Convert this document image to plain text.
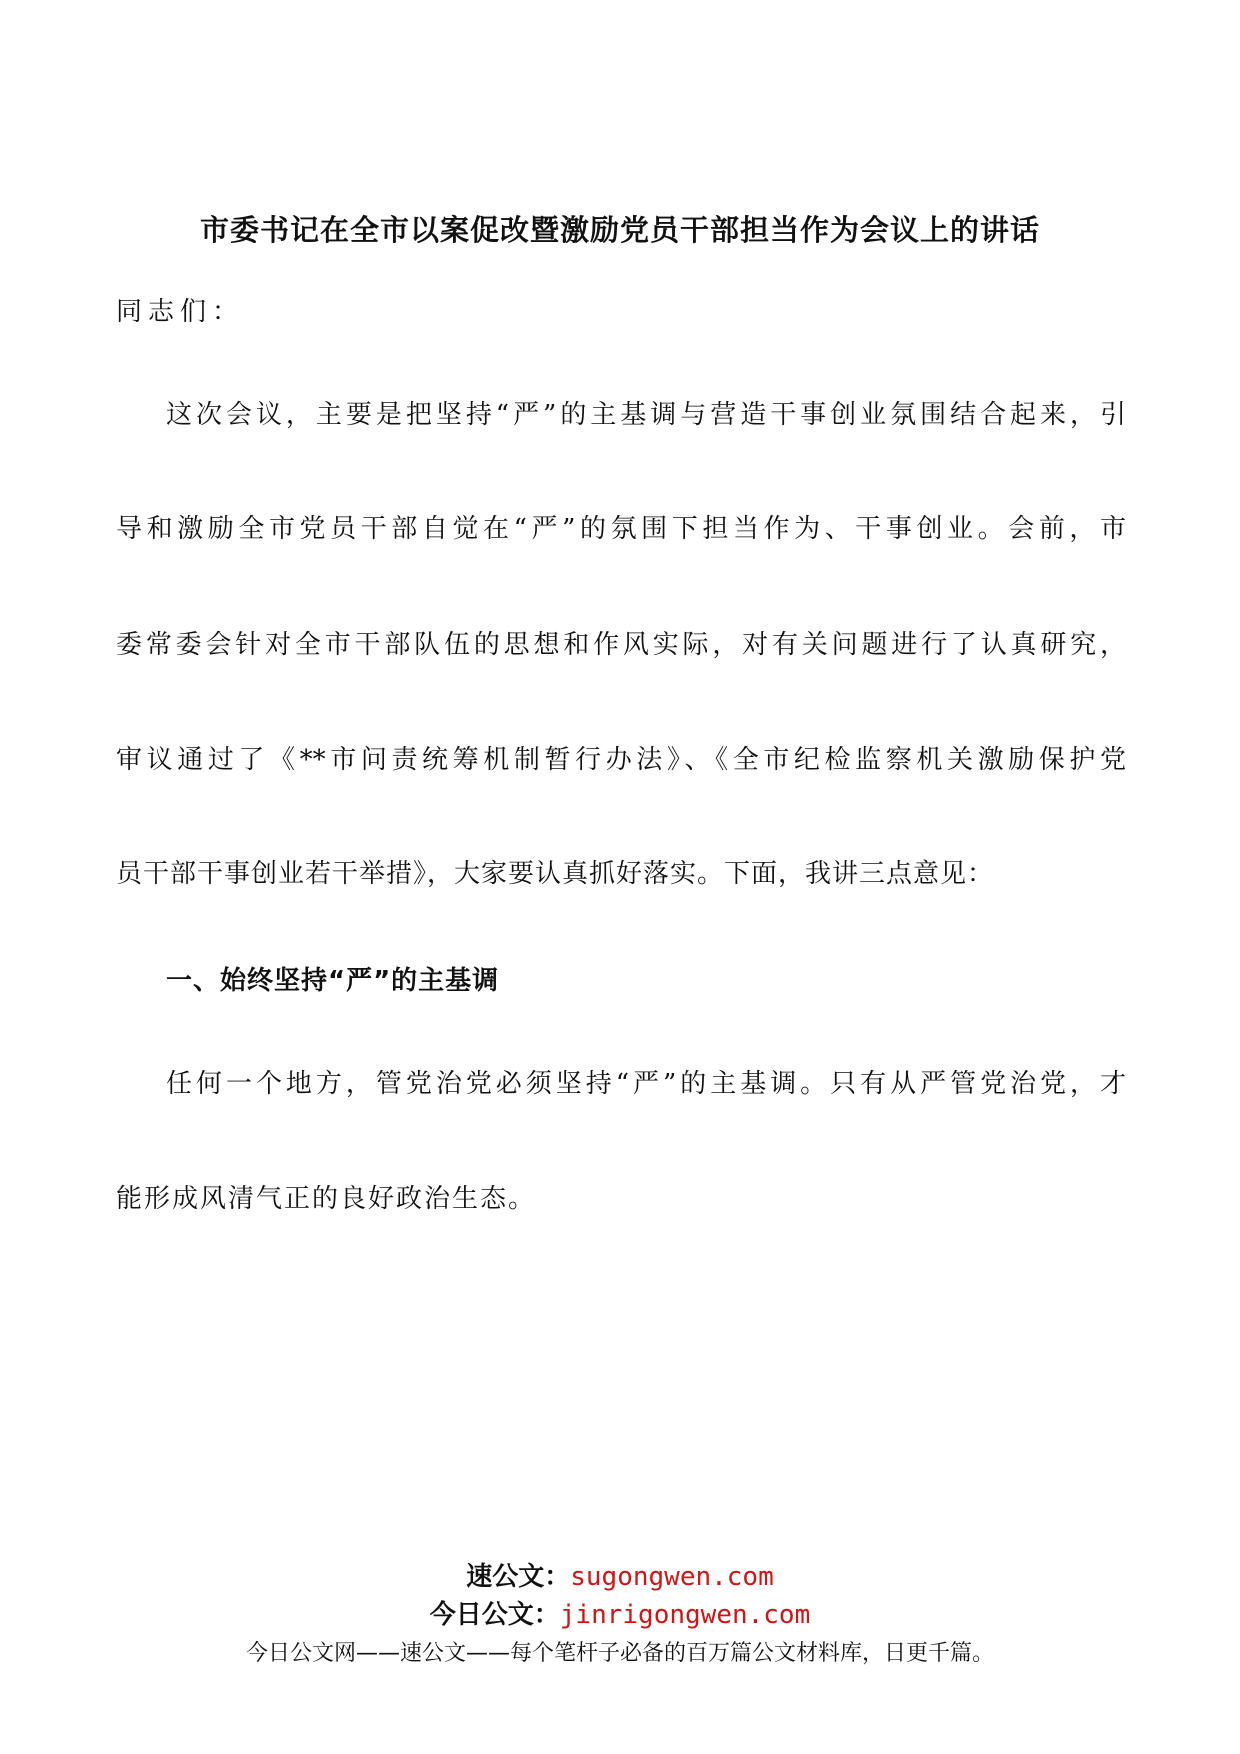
市委书记在全市以案促改暨激励党员干部担当作为会议上的讲话
同志们：
这次会议，主要是把坚持“严”的主基调与营造干事创业氛围结合起来，引
导和激励全市党员干部自觉在“严”的氛围下担当作为、干事创业。会前，市
委常委会针对全市干部队伍的思想和作风实际，对有关问题进行了认真研究，
审议通过了《**市问责统筹机制暂行办法》、《全市纪检监察机关激励保护党
员干部干事创业若干举措》，大家要认真抓好落实。下面，我讲三点意见：
一、始终坚持“严”的主基调
任何一个地方，管党治党必须坚持“严”的主基调。只有从严管党治党，才
能形成风清气正的良好政治生态。
速公文：sugongwen.com
今日公文：jinrigongwen.com
今日公文网——速公文——每个笔杆子必备的百万篇公文材料库，日更千篇。
